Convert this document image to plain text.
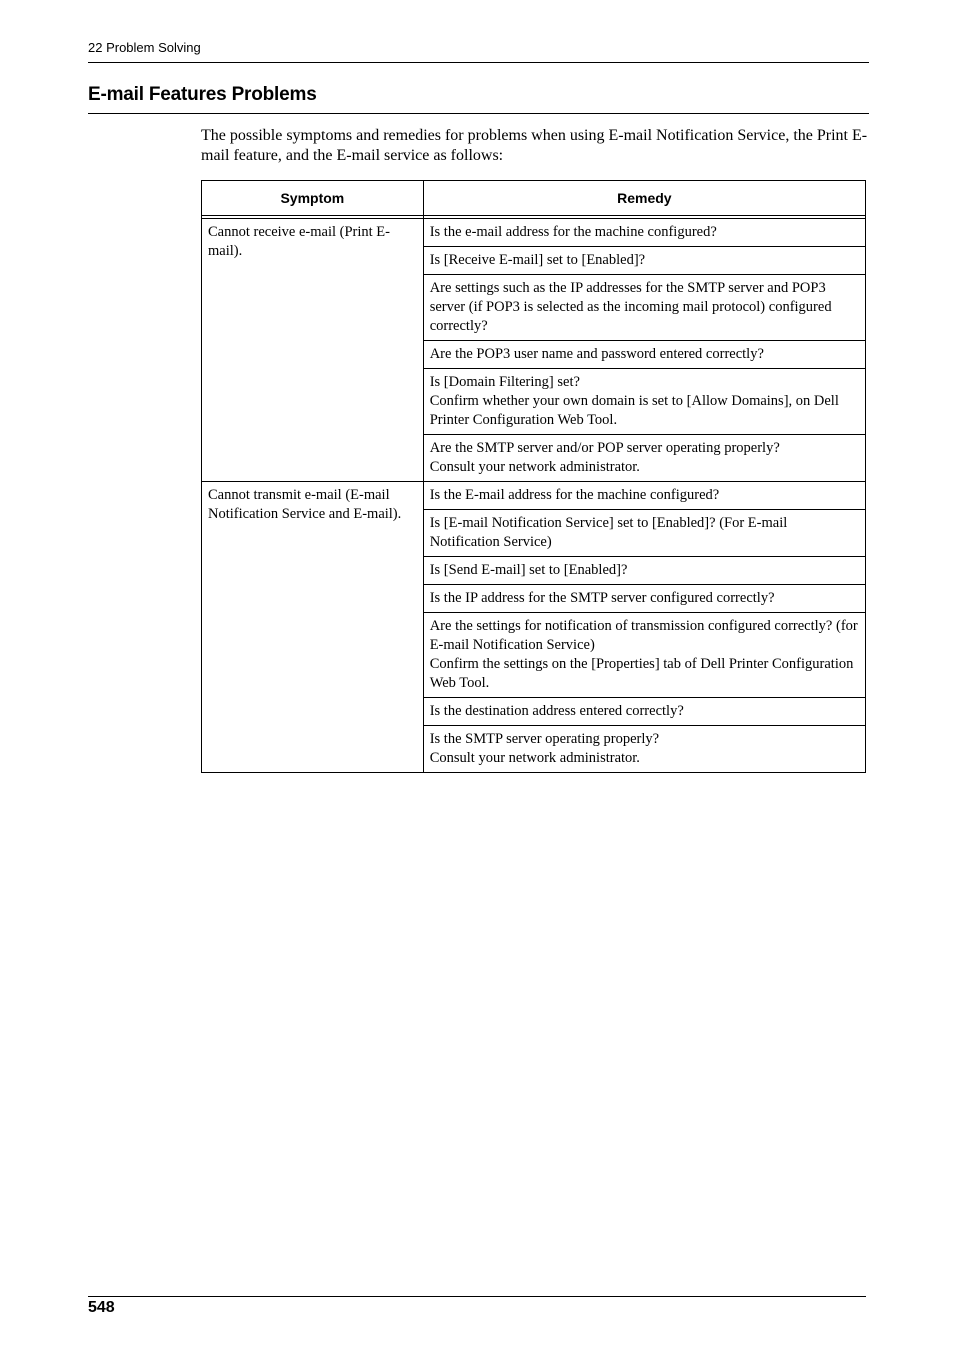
22 Problem Solving
E-mail Features Problems
The possible symptoms and remedies for problems when using E-mail Notification Service, the Print E-mail feature, and the E-mail service as follows:
Symptom	Remedy

Cannot receive e-mail (Print E-mail).	Is the e-mail address for the machine configured?

	Is [Receive E-mail] set to [Enabled]?

	Are settings such as the IP addresses for the SMTP server and POP3 server (if POP3 is selected as the incoming mail protocol) configured correctly?

	Are the POP3 user name and password entered correctly?

	Is [Domain Filtering] set?
Confirm whether your own domain is set to [Allow Domains], on Dell Printer Configuration Web Tool.

	Are the SMTP server and/or POP server operating properly?
Consult your network administrator.

Cannot transmit e-mail (E-mail Notification Service and E-mail).	Is the E-mail address for the machine configured?

	Is [E-mail Notification Service] set to [Enabled]? (For E-mail Notification Service)

	Is [Send E-mail] set to [Enabled]?

	Is the IP address for the SMTP server configured correctly?

	Are the settings for notification of transmission configured correctly? (for E-mail Notification Service)
Confirm the settings on the [Properties] tab of Dell Printer Configuration Web Tool.

	Is the destination address entered correctly?

	Is the SMTP server operating properly?
Consult your network administrator.
548
